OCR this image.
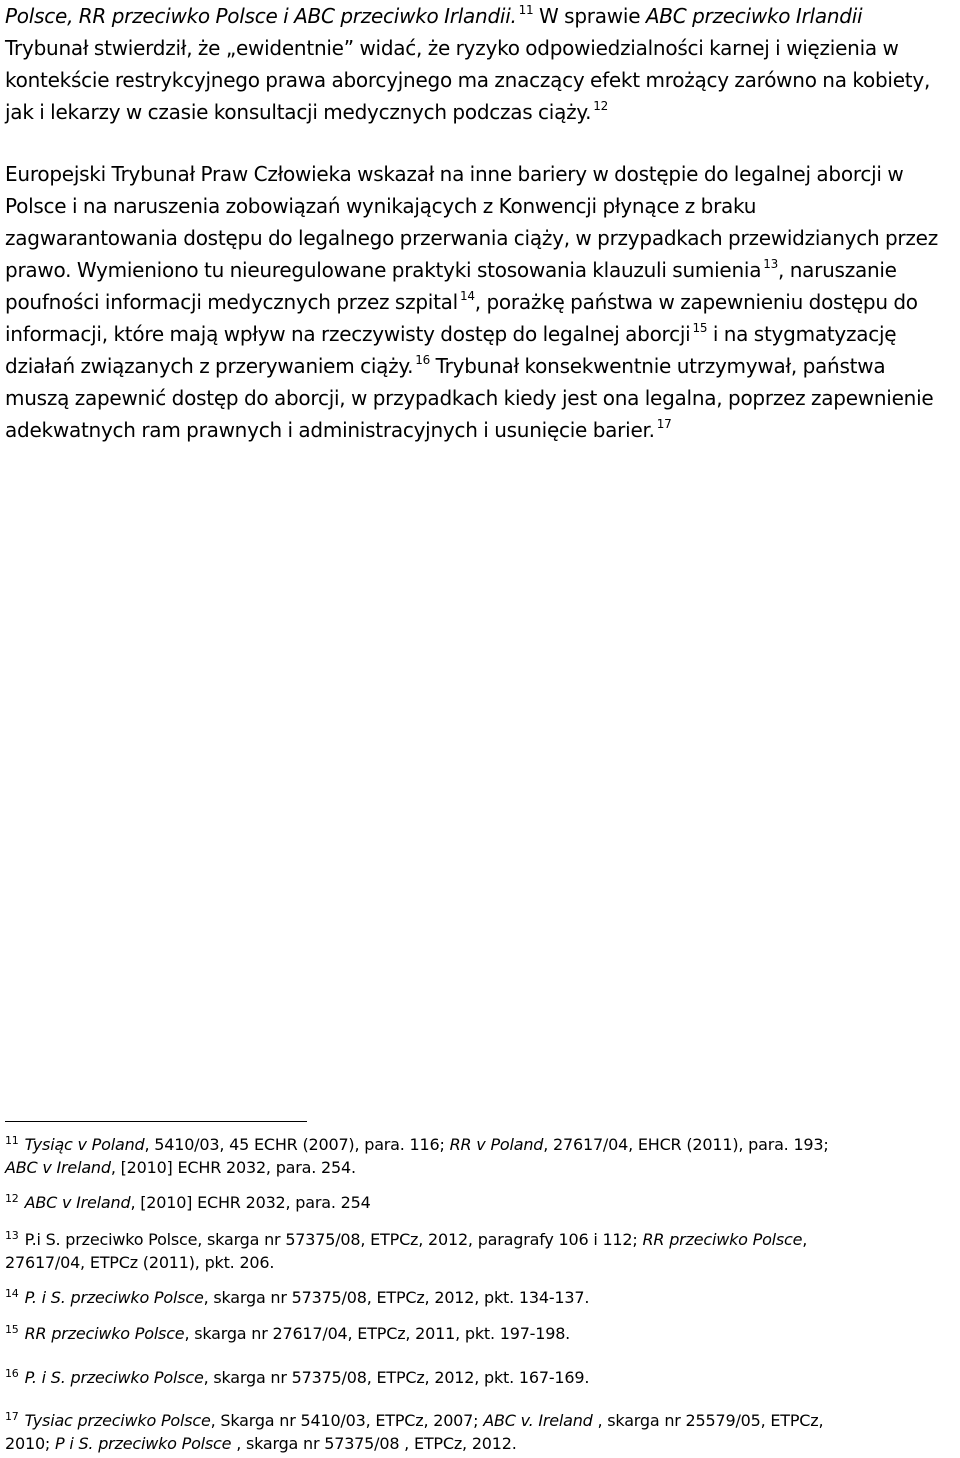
Polsce, RR przeciwko Polsce i ABC przeciwko Irlandii. $^{11}$ W sprawie ABC przeciwko Irlandii
Trybunał stwierdził, że „ewidentnie” widać, że ryzyko odpowiedzialności karnej i więzienia w
kontekście restrykcyjnego prawa aborcyjnego ma znaczący efekt mrożący zarówno na kobiety,
jak i lekarzy w czasie konsultacji medycznych podczas ciąży. $^{12}$
Europejski Trybunał Praw Człowieka wskazał na inne bariery w dostępie do legalnej aborcji w
Polsce i na naruszenia zobowiązań wynikających z Konwencji płynące z braku
zagwarantowania dostępu do legalnego przerwania ciąży, w przypadkach przewidzianych przez
prawo. Wymieniono tu nieuregulowane praktyki stosowania klauzuli sumienia $^{13}$, naruszanie
poufności informacji medycznych przez szpital $^{14}$, porażkę państwa w zapewnieniu dostępu do
informacji, które mają wpływ na rzeczywisty dostęp do legalnej aborcji $^{15}$ i na stygmatyzację
działań związanych z przerywaniem ciąży. $^{16}$ Trybunał konsekwentnie utrzymywał, państwa
muszą zapewnić dostęp do aborcji, w przypadkach kiedy jest ona legalna, poprzez zapewnienie
adekwatnych ram prawnych i administracyjnych i usunięcie barier. $^{17}$
$^{11}$ Tysiąc v Poland, 5410/03, 45 ECHR (2007), para. 116; RR v Poland, 27617/04, EHCR (2011), para. 193;
ABC v Ireland, [2010] ECHR 2032, para. 254.
$^{12}$ ABC v Ireland, [2010] ECHR 2032, para. 254
$^{13}$ P.i S. przeciwko Polsce, skarga nr 57375/08, ETPCz, 2012, paragrafy 106 i 112; RR przeciwko Polsce,
27617/04, ETPCz (2011), pkt. 206.
$^{14}$ P. i S. przeciwko Polsce, skarga nr 57375/08, ETPCz, 2012, pkt. 134-137.
$^{15}$ RR przeciwko Polsce, skarga nr 27617/04, ETPCz, 2011, pkt. 197-198.
$^{16}$ P. i S. przeciwko Polsce, skarga nr 57375/08, ETPCz, 2012, pkt. 167-169.
$^{17}$ Tysiac przeciwko Polsce, Skarga nr 5410/03, ETPCz, 2007; ABC v. Ireland , skarga nr 25579/05, ETPCz,
2010; P i S. przeciwko Polsce , skarga nr 57375/08 , ETPCz, 2012.
